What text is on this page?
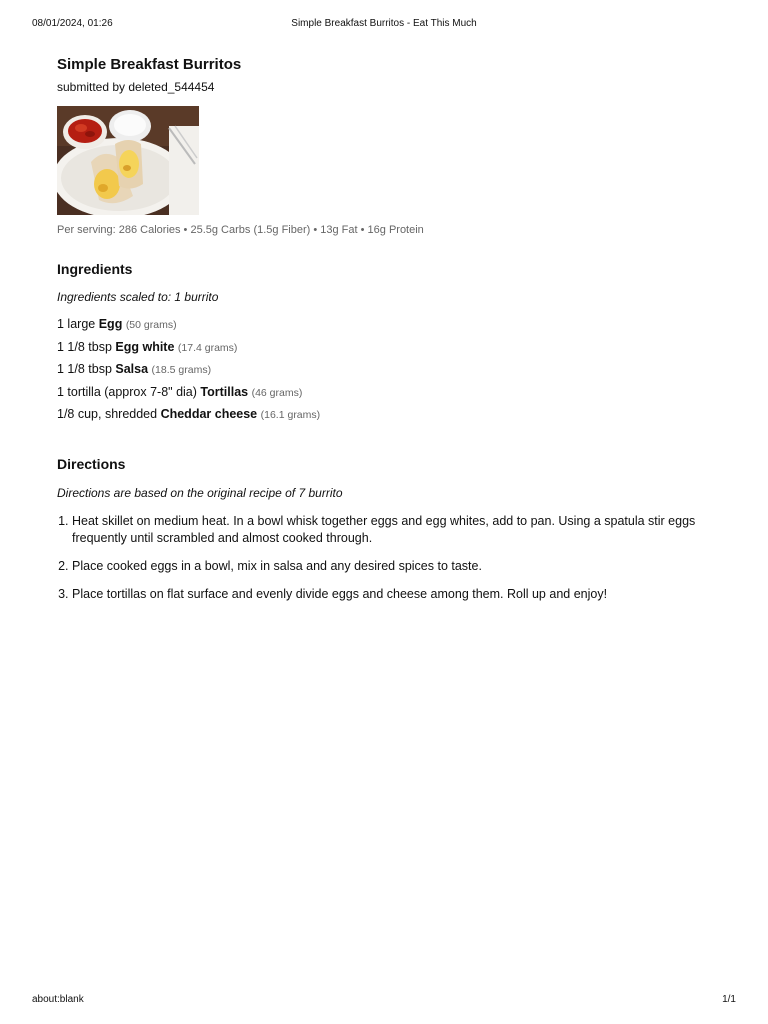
08/01/2024, 01:26	Simple Breakfast Burritos - Eat This Much
Simple Breakfast Burritos
submitted by deleted_544454
Per serving: 286 Calories • 25.5g Carbs (1.5g Fiber) • 13g Fat • 16g Protein
Ingredients
Ingredients scaled to: 1 burrito
1 large Egg (50 grams)
1 1/8 tbsp Egg white (17.4 grams)
1 1/8 tbsp Salsa (18.5 grams)
1 tortilla (approx 7-8" dia) Tortillas (46 grams)
1/8 cup, shredded Cheddar cheese (16.1 grams)
Directions
Directions are based on the original recipe of 7 burrito
1. Heat skillet on medium heat. In a bowl whisk together eggs and egg whites, add to pan. Using a spatula stir eggs frequently until scrambled and almost cooked through.
2. Place cooked eggs in a bowl, mix in salsa and any desired spices to taste.
3. Place tortillas on flat surface and evenly divide eggs and cheese among them. Roll up and enjoy!
about:blank	1/1
